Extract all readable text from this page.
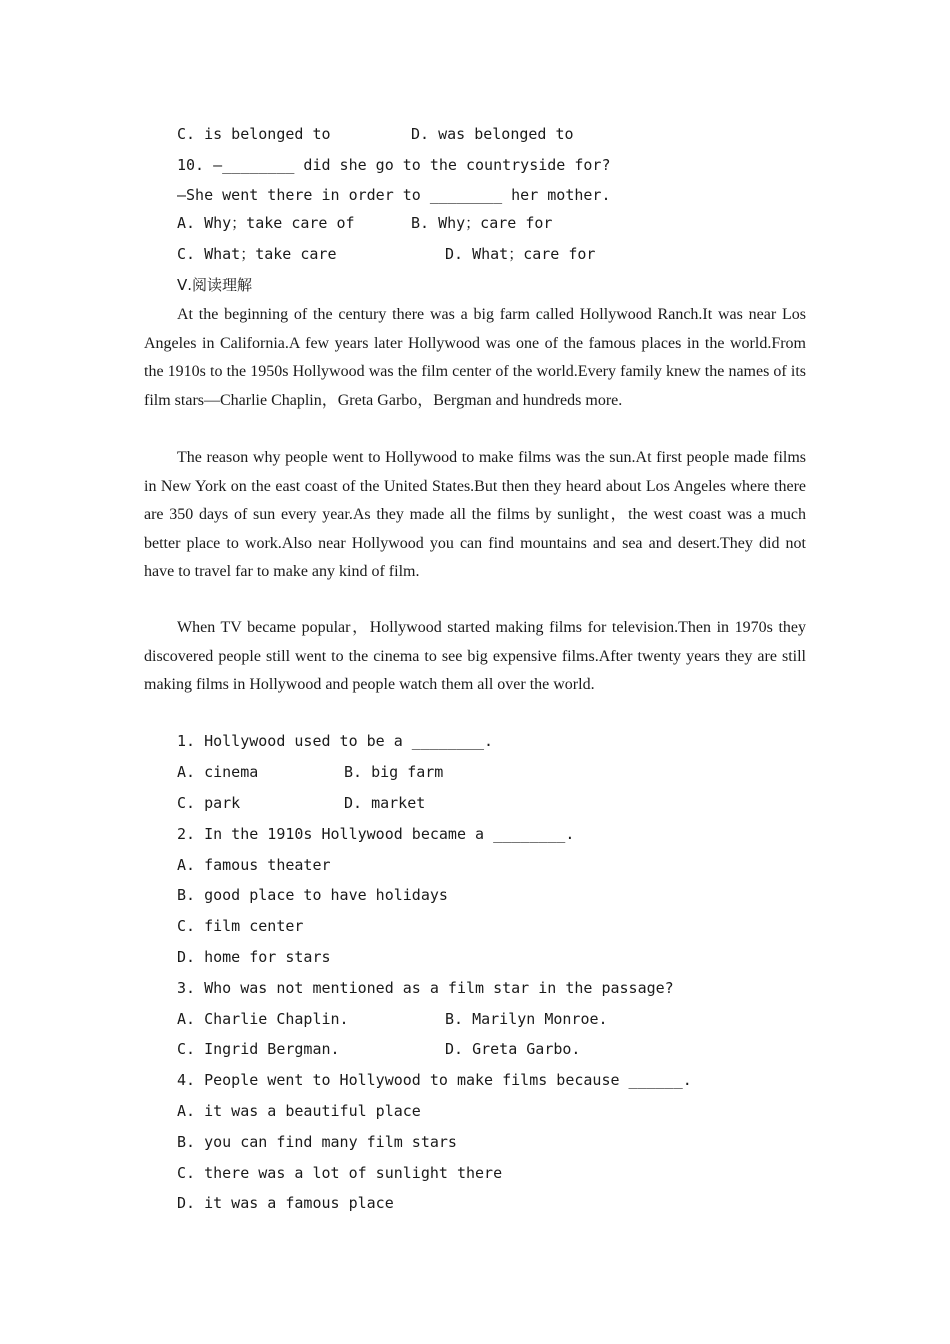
C. is belonged to	D. was belonged to
10. —________ did she go to the countryside for?
—She went there in order to ________ her mother.
A. Why；take care of	B. Why；care for
C. What；take care	D. What；care for
Ⅴ.阅读理解

At the beginning of the century there was a big farm called Hollywood Ranch.It was near Los Angeles in California.A few years later Hollywood was one of the famous places in the world.From the 1910s to the 1950s Hollywood was the film center of the world.Every family knew the names of its film stars—Charlie Chaplin，Greta Garbo，Bergman and hundreds more.

The reason why people went to Hollywood to make films was the sun.At first people made films in New York on the east coast of the United States.But then they heard about Los Angeles where there are 350 days of sun every year.As they made all the films by sunlight，the west coast was a much better place to work.Also near Hollywood you can find mountains and sea and desert.They did not have to travel far to make any kind of film.

When TV became popular，Hollywood started making films for television.Then in 1970s they discovered people still went to the cinema to see big expensive films.After twenty years they are still making films in Hollywood and people watch them all over the world.

1. Hollywood used to be a ________.
A. cinema	B. big farm
C. park	D. market
2. In the 1910s Hollywood became a ________.
A. famous theater
B. good place to have holidays
C. film center
D. home for stars
3. Who was not mentioned as a film star in the passage?
A. Charlie Chaplin.	B. Marilyn Monroe.
C. Ingrid Bergman.	D. Greta Garbo.
4. People went to Hollywood to make films because ______.
A. it was a beautiful place
B. you can find many film stars
C. there was a lot of sunlight there
D. it was a famous place
